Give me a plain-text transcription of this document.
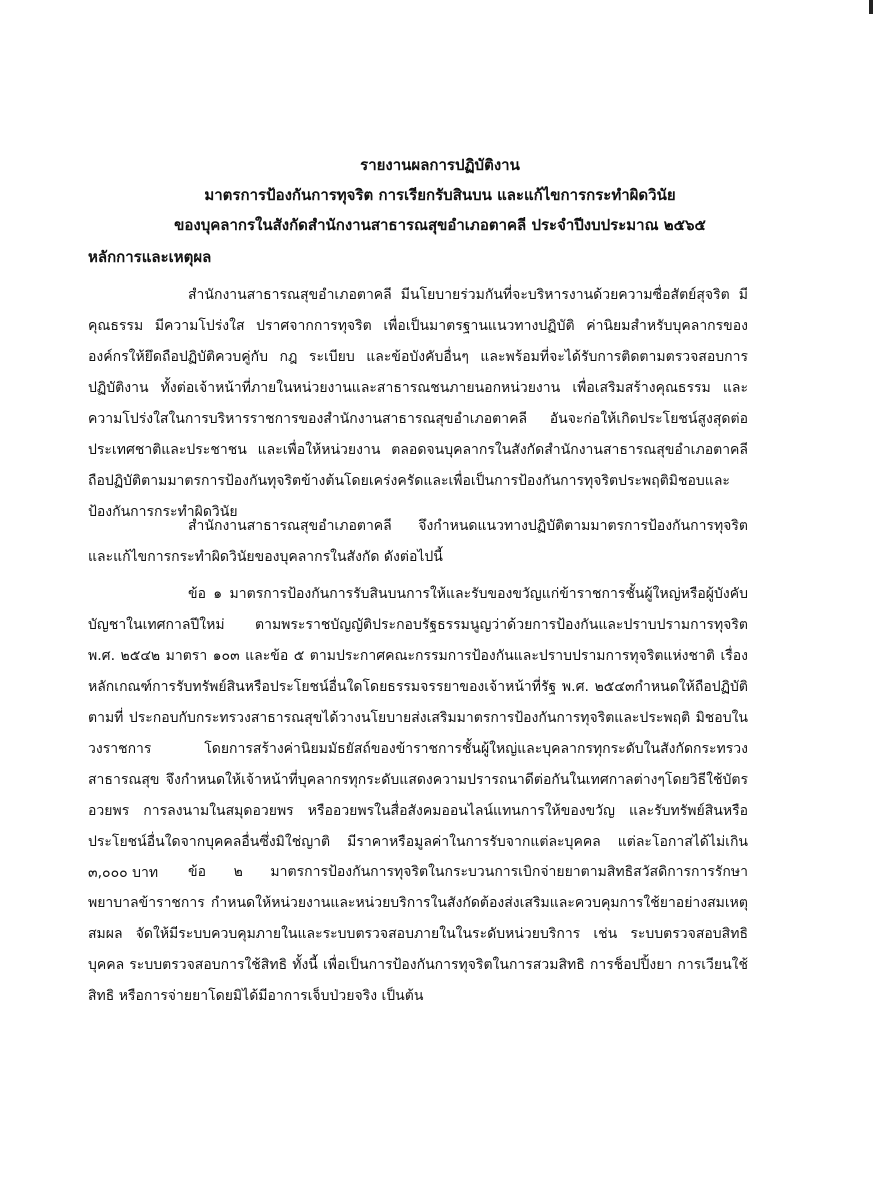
รายงานผลการปฏิบัติงาน
มาตรการป้องกันการทุจริต การเรียกรับสินบน และแก้ไขการกระทำผิดวินัย
ของบุคลากรในสังกัดสำนักงานสาธารณสุขอำเภอตาคลี ประจำปีงบประมาณ ๒๕๖๕
หลักการและเหตุผล

สำนักงานสาธารณสุขอำเภอตาคลี มีนโยบายร่วมกันที่จะบริหารงานด้วยความซื่อสัตย์สุจริต มีคุณธรรม มีความโปร่งใส ปราศจากการทุจริต เพื่อเป็นมาตรฐานแนวทางปฏิบัติ ค่านิยมสำหรับบุคลากรขององค์กรให้ยึดถือปฏิบัติควบคู่กับ กฎ ระเบียบ และข้อบังคับอื่นๆ และพร้อมที่จะได้รับการติดตามตรวจสอบการปฏิบัติงาน ทั้งต่อเจ้าหน้าที่ภายในหน่วยงานและสาธารณชนภายนอกหน่วยงาน เพื่อเสริมสร้างคุณธรรม และความโปร่งใสในการบริหารราชการของสำนักงานสาธารณสุขอำเภอตาคลี อันจะก่อให้เกิดประโยชน์สูงสุดต่อประเทศชาติและประชาชน และเพื่อให้หน่วยงาน ตลอดจนบุคลากรในสังกัดสำนักงานสาธารณสุขอำเภอตาคลี ถือปฏิบัติตามมาตรการป้องกันทุจริตข้างต้นโดยเคร่งครัดและเพื่อเป็นการป้องกันการทุจริตประพฤติมิชอบและป้องกันการกระทำผิดวินัย

สำนักงานสาธารณสุขอำเภอตาคลี จึงกำหนดแนวทางปฏิบัติตามมาตรการป้องกันการทุจริตและแก้ไขการกระทำผิดวินัยของบุคลากรในสังกัด ดังต่อไปนี้

ข้อ ๑ มาตรการป้องกันการรับสินบนการให้และรับของขวัญแก่ข้าราชการชั้นผู้ใหญ่หรือผู้บังคับบัญชาในเทศกาลปีใหม่ ตามพระราชบัญญัติประกอบรัฐธรรมนูญว่าด้วยการป้องกันและปราบปรามการทุจริต พ.ศ. ๒๕๔๒ มาตรา ๑๐๓ และข้อ ๕ ตามประกาศคณะกรรมการป้องกันและปราบปรามการทุจริตแห่งชาติ เรื่อง หลักเกณฑ์การรับทรัพย์สินหรือประโยชน์อื่นใดโดยธรรมจรรยาของเจ้าหน้าที่รัฐ พ.ศ. ๒๕๔๓กำหนดให้ถือปฏิบัติตามที่ ประกอบกับกระทรวงสาธารณสุขได้วางนโยบายส่งเสริมมาตรการป้องกันการทุจริตและประพฤติ มิชอบในวงราชการ โดยการสร้างค่านิยมมัธยัสถ์ของข้าราชการชั้นผู้ใหญ่และบุคลากรทุกระดับในสังกัดกระทรวงสาธารณสุข จึงกำหนดให้เจ้าหน้าที่บุคลากรทุกระดับแสดงความปรารถนาดีต่อกันในเทศกาลต่างๆโดยวิธีใช้บัตรอวยพร การลงนามในสมุดอวยพร หรืออวยพรในสื่อสังคมออนไลน์แทนการให้ของขวัญ และรับทรัพย์สินหรือประโยชน์อื่นใดจากบุคคลอื่นซึ่งมิใช่ญาติ มีราคาหรือมูลค่าในการรับจากแต่ละบุคคล แต่ละโอกาสได้ไม่เกิน ๓,๐๐๐ บาท	ข้อ ๒ มาตรการป้องกันการทุจริตในกระบวนการเบิกจ่ายยาตามสิทธิสวัสดิการการรักษาพยาบาลข้าราชการ กำหนดให้หน่วยงานและหน่วยบริการในสังกัดต้องส่งเสริมและควบคุมการใช้ยาอย่างสมเหตุสมผล จัดให้มีระบบควบคุมภายในและระบบตรวจสอบภายในในระดับหน่วยบริการ เช่น ระบบตรวจสอบสิทธิบุคคล ระบบตรวจสอบการใช้สิทธิ ทั้งนี้ เพื่อเป็นการป้องกันการทุจริตในการสวมสิทธิ การช็อปปิ้งยา การเวียนใช้สิทธิ หรือการจ่ายยาโดยมิได้มีอาการเจ็บป่วยจริง เป็นต้น
